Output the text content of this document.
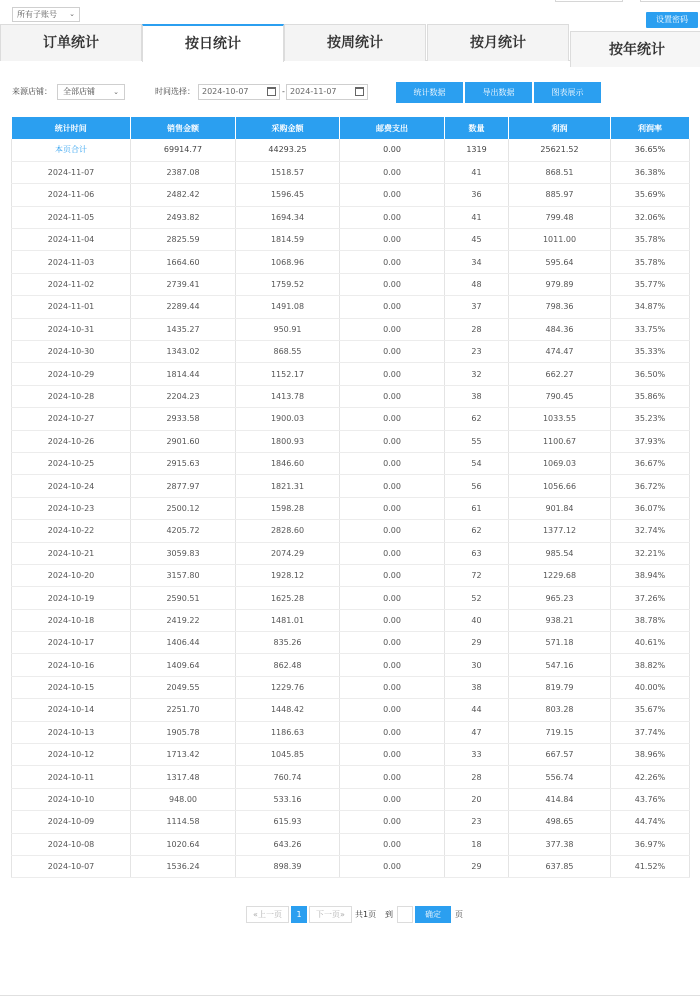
所有子账号 ⌄
设置密码
订单统计	按日统计	按周统计	按月统计	按年统计
来源店铺：	全部店铺	⌄	时间选择： 2024-10-07	- 2024-11-07	统计数据	导出数据	图表展示
统计时间	销售金额	采购金额	邮费支出	数量	利润	利润率
本页合计	69914.77	44293.25	0.00	1319	25621.52	36.65%
2024-11-07	2387.08	1518.57	0.00	41	868.51	36.38%
2024-11-06	2482.42	1596.45	0.00	36	885.97	35.69%
2024-11-05	2493.82	1694.34	0.00	41	799.48	32.06%
2024-11-04	2825.59	1814.59	0.00	45	1011.00	35.78%
2024-11-03	1664.60	1068.96	0.00	34	595.64	35.78%
2024-11-02	2739.41	1759.52	0.00	48	979.89	35.77%
2024-11-01	2289.44	1491.08	0.00	37	798.36	34.87%
2024-10-31	1435.27	950.91	0.00	28	484.36	33.75%
2024-10-30	1343.02	868.55	0.00	23	474.47	35.33%
2024-10-29	1814.44	1152.17	0.00	32	662.27	36.50%
2024-10-28	2204.23	1413.78	0.00	38	790.45	35.86%
2024-10-27	2933.58	1900.03	0.00	62	1033.55	35.23%
2024-10-26	2901.60	1800.93	0.00	55	1100.67	37.93%
2024-10-25	2915.63	1846.60	0.00	54	1069.03	36.67%
2024-10-24	2877.97	1821.31	0.00	56	1056.66	36.72%
2024-10-23	2500.12	1598.28	0.00	61	901.84	36.07%
2024-10-22	4205.72	2828.60	0.00	62	1377.12	32.74%
2024-10-21	3059.83	2074.29	0.00	63	985.54	32.21%
2024-10-20	3157.80	1928.12	0.00	72	1229.68	38.94%
2024-10-19	2590.51	1625.28	0.00	52	965.23	37.26%
2024-10-18	2419.22	1481.01	0.00	40	938.21	38.78%
2024-10-17	1406.44	835.26	0.00	29	571.18	40.61%
2024-10-16	1409.64	862.48	0.00	30	547.16	38.82%
2024-10-15	2049.55	1229.76	0.00	38	819.79	40.00%
2024-10-14	2251.70	1448.42	0.00	44	803.28	35.67%
2024-10-13	1905.78	1186.63	0.00	47	719.15	37.74%
2024-10-12	1713.42	1045.85	0.00	33	667.57	38.96%
2024-10-11	1317.48	760.74	0.00	28	556.74	42.26%
2024-10-10	948.00	533.16	0.00	20	414.84	43.76%
2024-10-09	1114.58	615.93	0.00	23	498.65	44.74%
2024-10-08	1020.64	643.26	0.00	18	377.38	36.97%
2024-10-07	1536.24	898.39	0.00	29	637.85	41.52%
«上一页	1	下一页»	共1页 到	确定	页
